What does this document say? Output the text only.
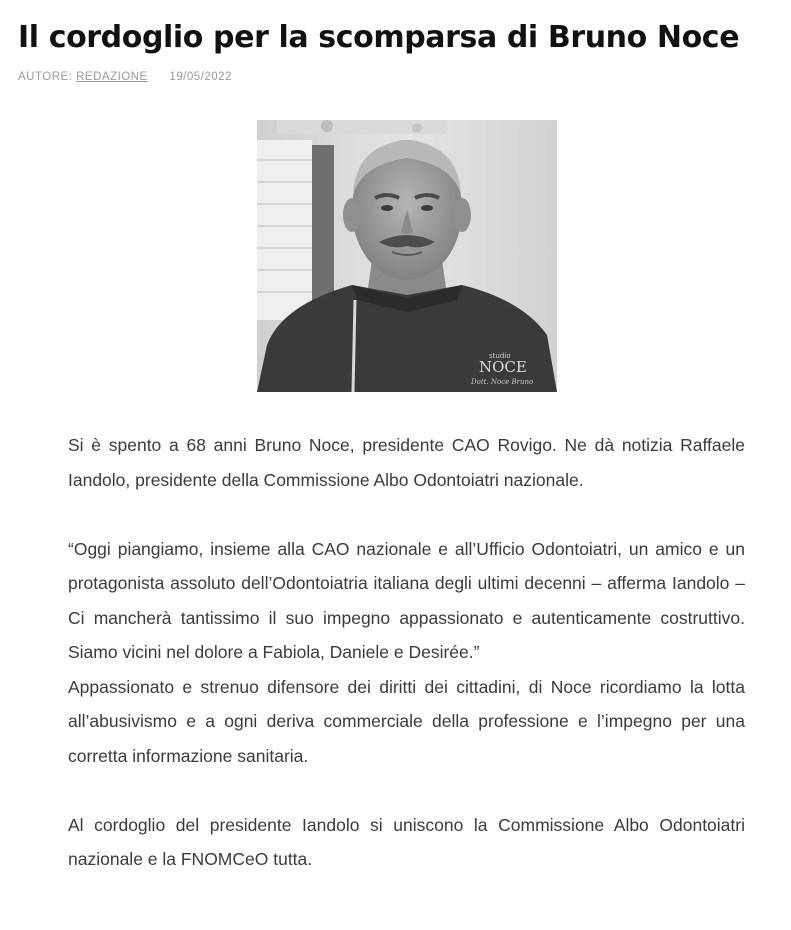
Il cordoglio per la scomparsa di Bruno Noce
AUTORE: REDAZIONE 19/05/2022
NOCE
studio
Dott. Noce Bruno

Si è spento a 68 anni Bruno Noce, presidente CAO Rovigo. Ne dà notizia Raffaele Iandolo, presidente della Commissione Albo Odontoiatri nazionale.

“Oggi piangiamo, insieme alla CAO nazionale e all’Ufficio Odontoiatri, un amico e un protagonista assoluto dell’Odontoiatria italiana degli ultimi decenni – afferma Iandolo – Ci mancherà tantissimo il suo impegno appassionato e autenticamente costruttivo. Siamo vicini nel dolore a Fabiola, Daniele e Desirée.”

Appassionato e strenuo difensore dei diritti dei cittadini, di Noce ricordiamo la lotta all’abusivismo e a ogni deriva commerciale della professione e l’impegno per una corretta informazione sanitaria.

Al cordoglio del presidente Iandolo si uniscono la Commissione Albo Odontoiatri nazionale e la FNOMCeO tutta.
